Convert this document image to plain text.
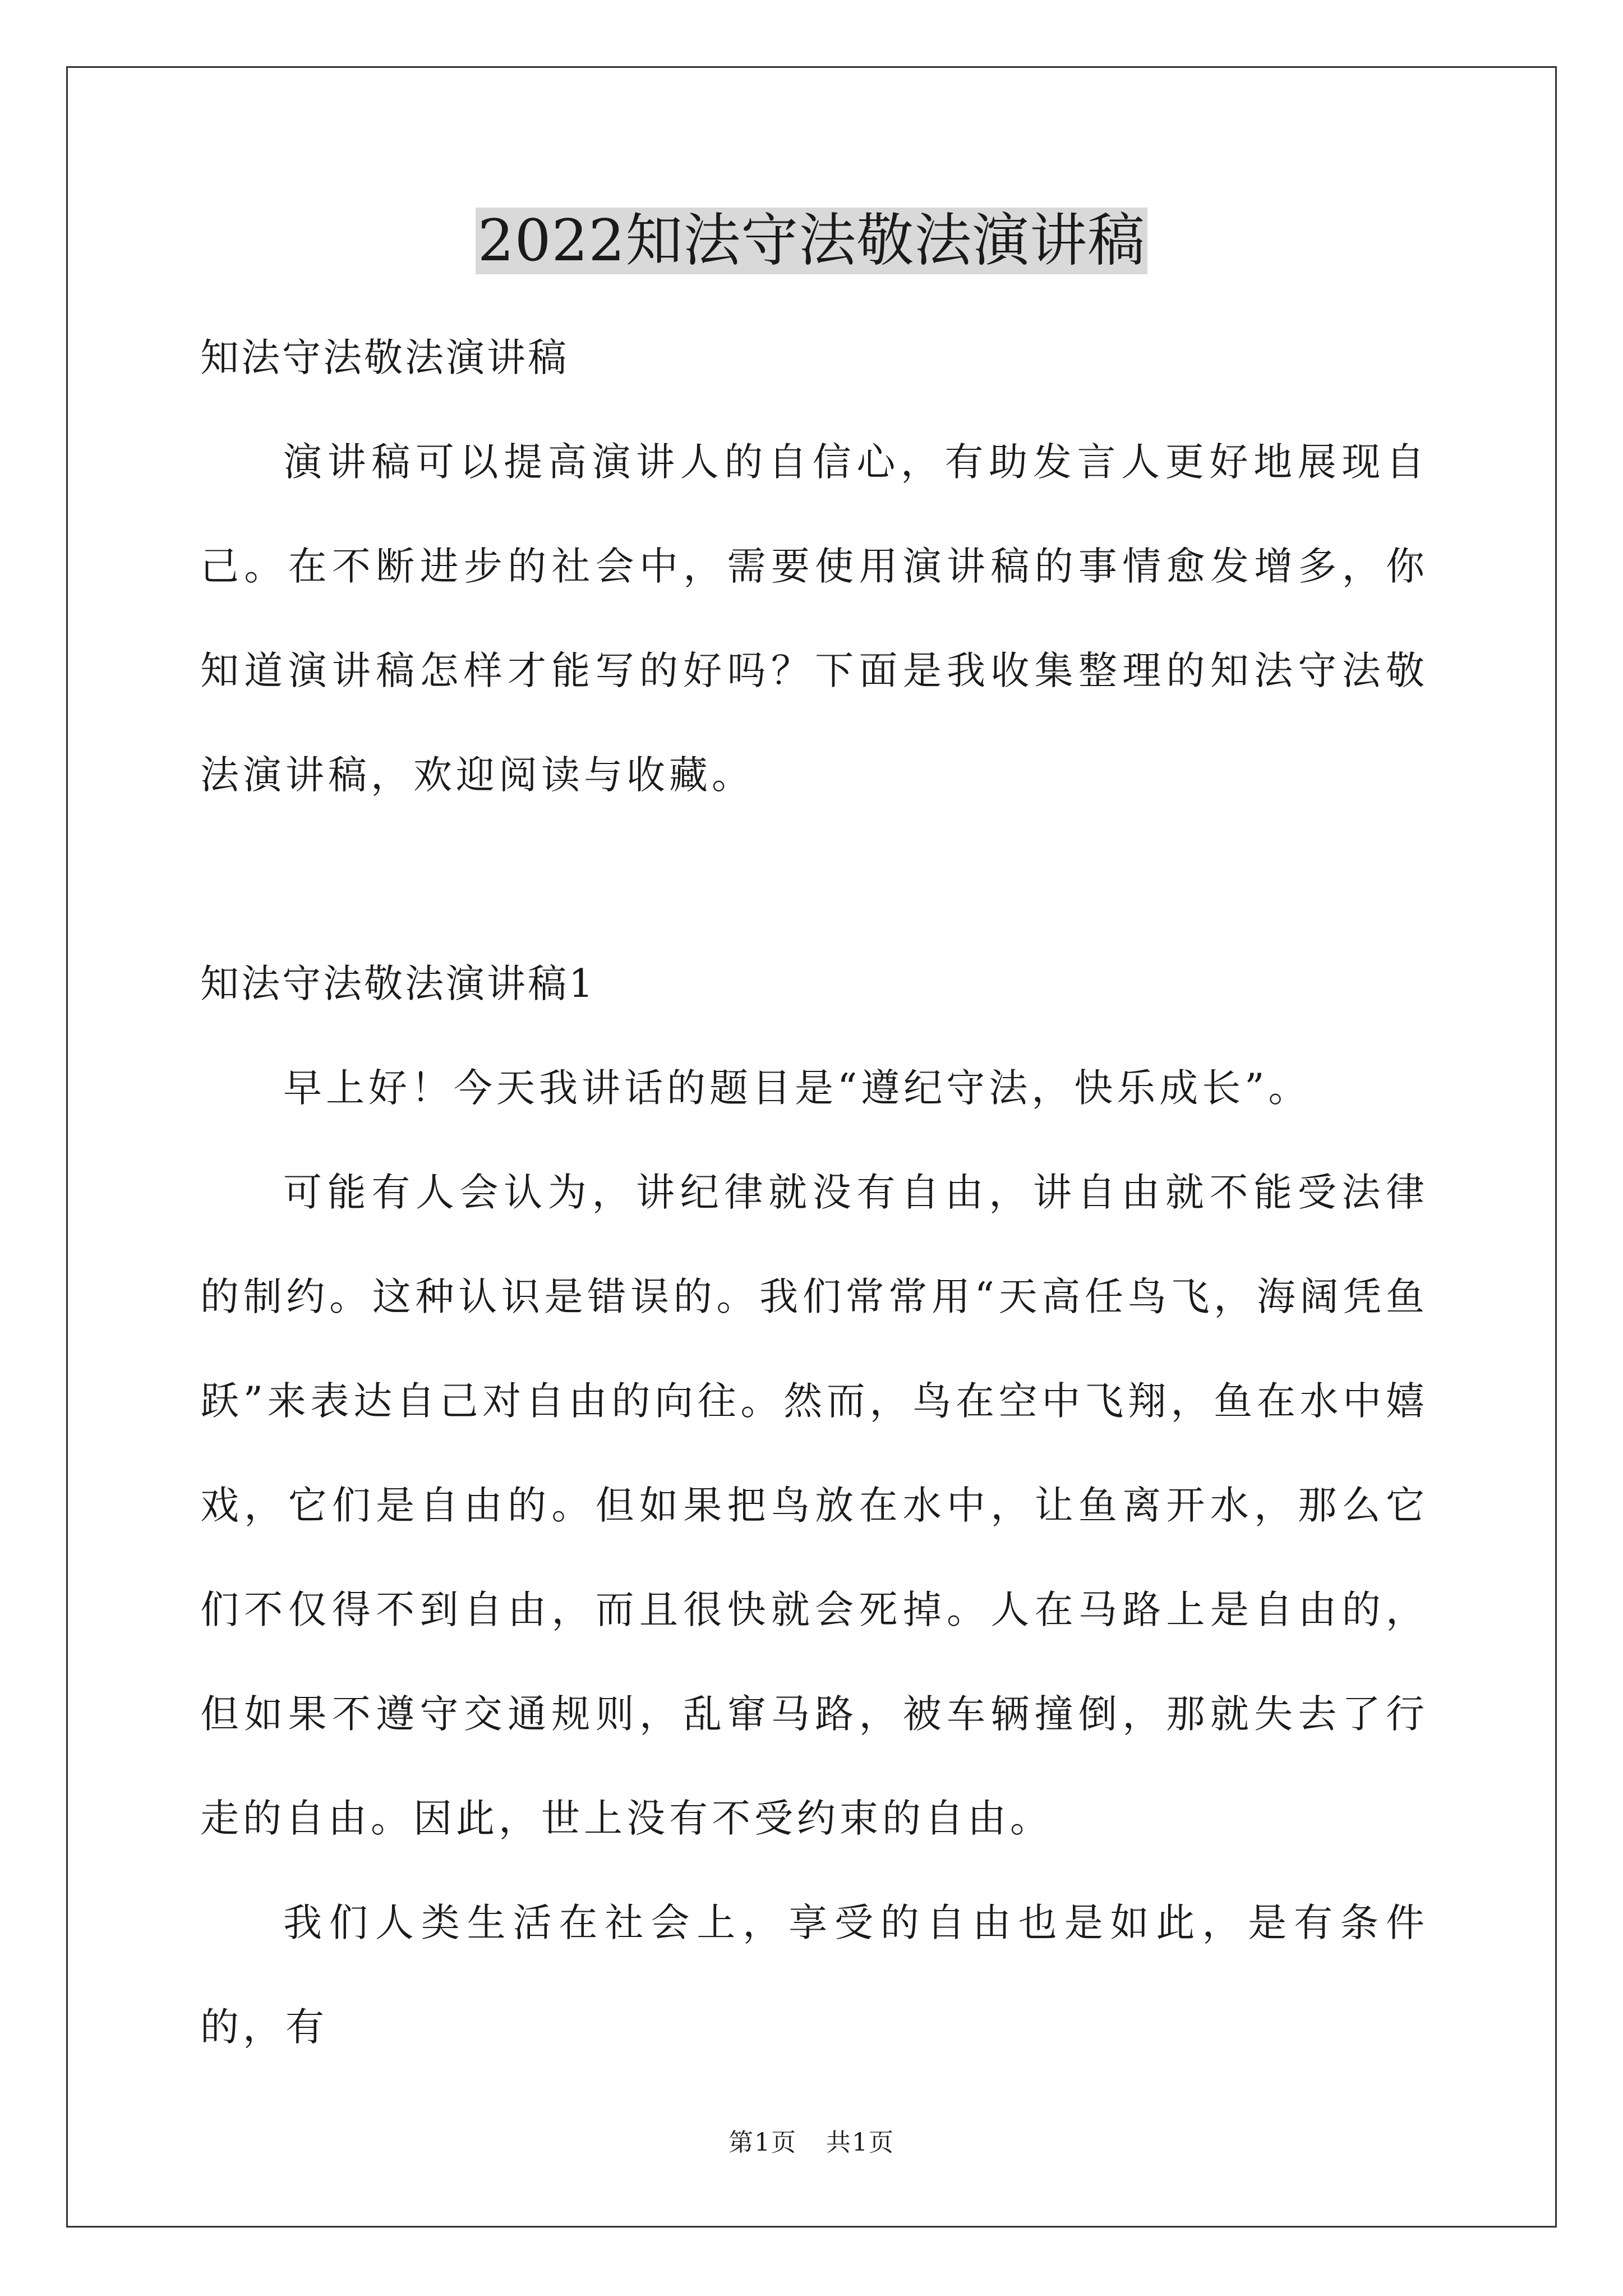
2022知法守法敬法演讲稿

知法守法敬法演讲稿

演讲稿可以提高演讲人的自信心，有助发言人更好地展现自己。在不断进步的社会中，需要使用演讲稿的事情愈发增多，你知道演讲稿怎样才能写的好吗？下面是我收集整理的知法守法敬法演讲稿，欢迎阅读与收藏。

知法守法敬法演讲稿1

早上好！今天我讲话的题目是“遵纪守法，快乐成长”。

可能有人会认为，讲纪律就没有自由，讲自由就不能受法律的制约。这种认识是错误的。我们常常用“天高任鸟飞，海阔凭鱼跃”来表达自己对自由的向往。然而，鸟在空中飞翔，鱼在水中嬉戏，它们是自由的。但如果把鸟放在水中，让鱼离开水，那么它们不仅得不到自由，而且很快就会死掉。人在马路上是自由的，但如果不遵守交通规则，乱窜马路，被车辆撞倒，那就失去了行走的自由。因此，世上没有不受约束的自由。

我们人类生活在社会上，享受的自由也是如此，是有条件的，有

第1页 共1页
